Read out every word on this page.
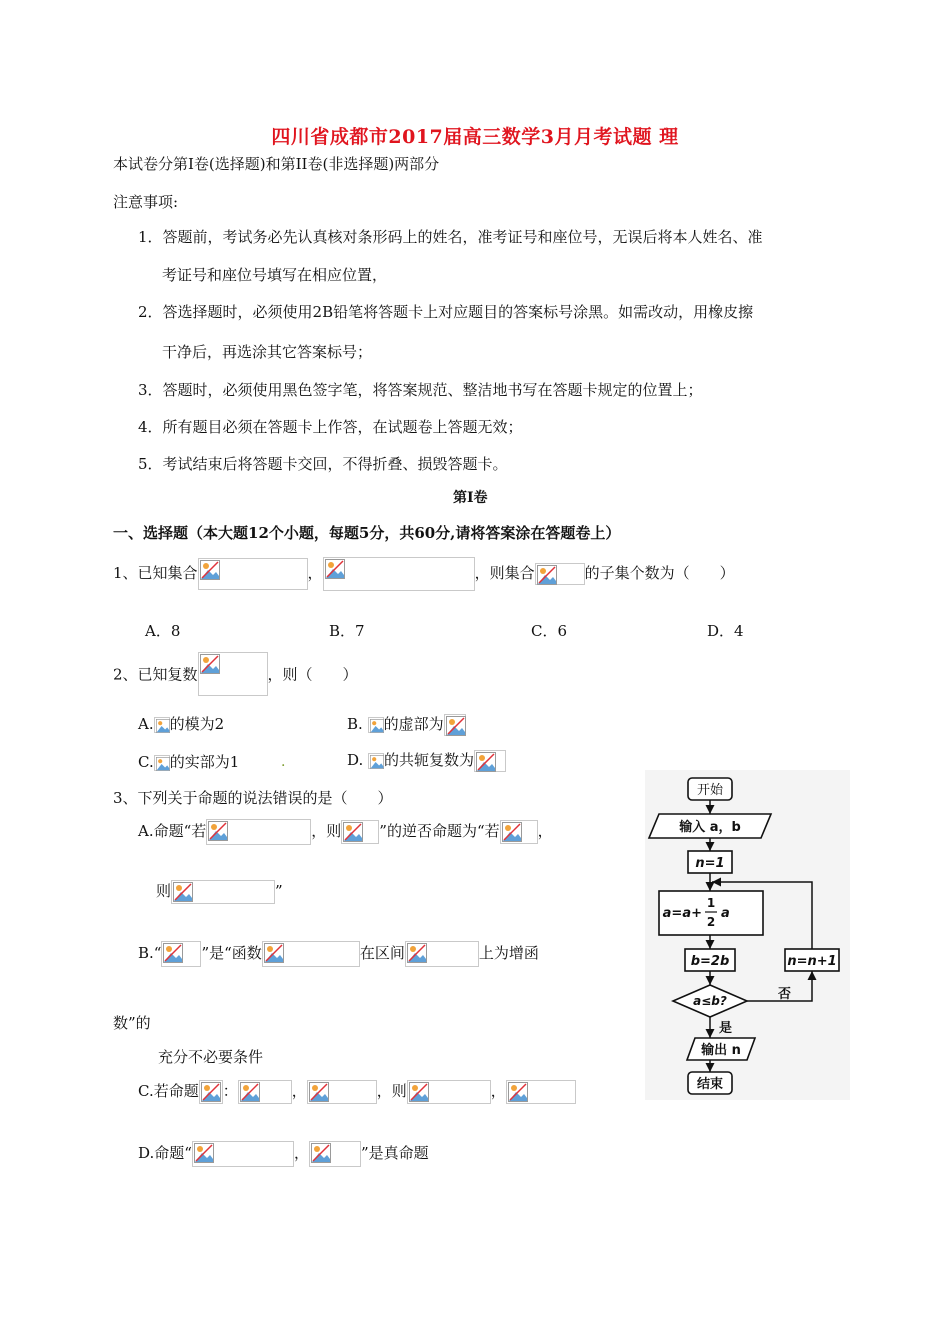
四川省成都市2017届高三数学3月月考试题 理
本试卷分第I卷(选择题)和第II卷(非选择题)两部分
注意事项:
1．答题前，考试务必先认真核对条形码上的姓名，准考证号和座位号，无误后将本人姓名、准
考证号和座位号填写在相应位置，
2．答选择题时，必须使用2B铅笔将答题卡上对应题目的答案标号涂黑。如需改动，用橡皮擦
干净后，再选涂其它答案标号；
3．答题时，必须使用黑色签字笔，将答案规范、整洁地书写在答题卡规定的位置上；
4．所有题目必须在答题卡上作答，在试题卷上答题无效；
5．考试结束后将答题卡交回，不得折叠、损毁答题卡。
第I卷
一、选择题（本大题12个小题，每题5分，共60分,请将答案涂在答题卷上）
1、已知集合	，	，则集合	的子集个数为（　　）
A．8	B．7	C．6	D．4
2、已知复数	，则（　　）
A. 的模为2	B. 的虚部为
C. 的实部为1	·	D. 的共轭复数为
3、下列关于命题的说法错误的是（　　）
A.命题“若	，则	”的逆否命题为“若	，
则	”
B.“	”是“函数	在区间	上为增函
数”的
充分不必要条件
C.若命题 ：	，	，则	，
D.命题“	，	”是真命题
开始
输入 a，b
n=1
a=a+
1
2
a
b=2b
a≤b?	否
是
n=n+1
输出 n
结束
